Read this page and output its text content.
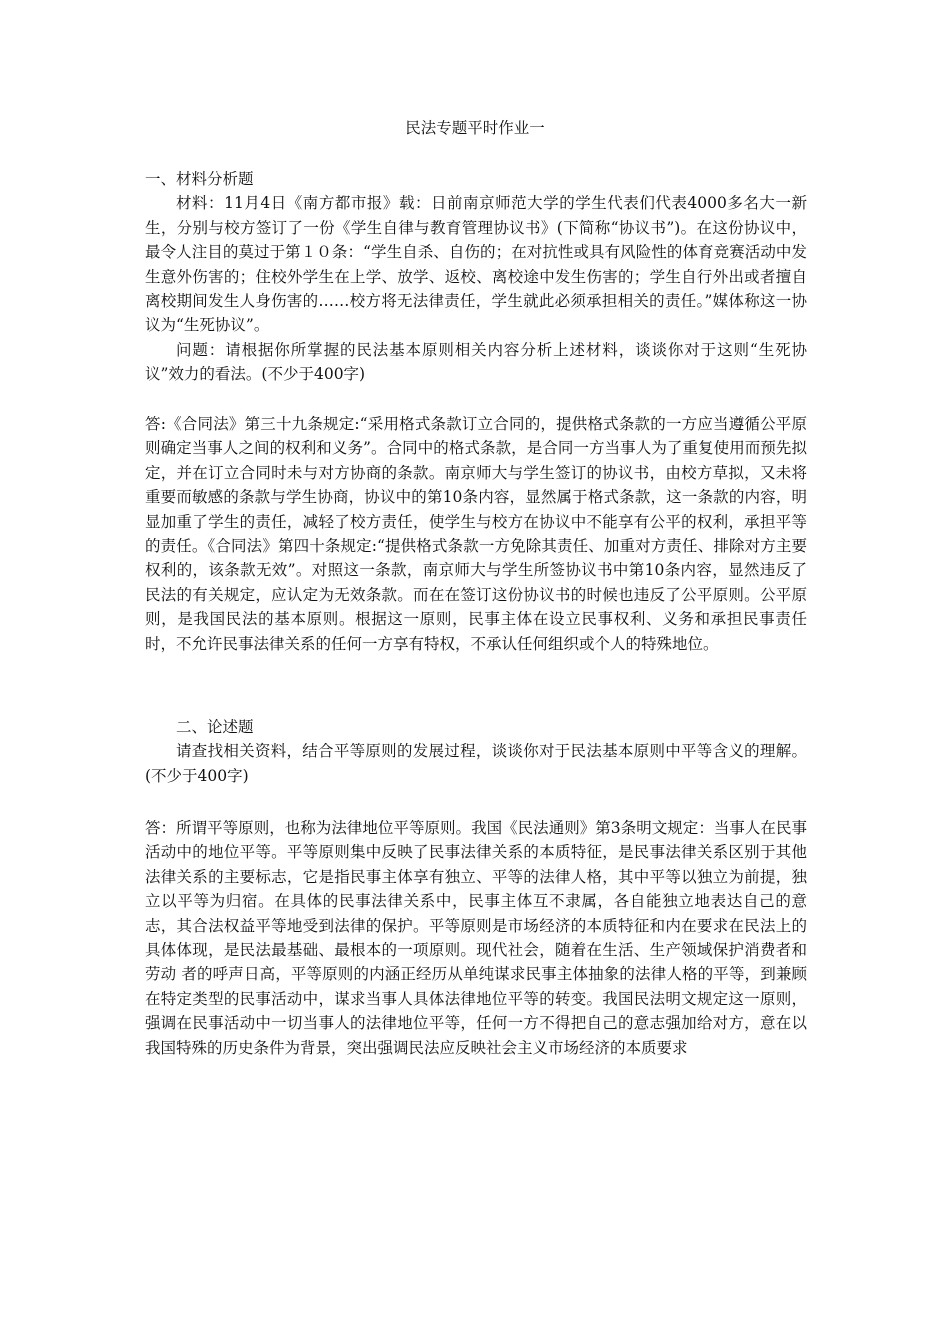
民法专题平时作业一

一、材料分析题

材料：11月4日《南方都市报》载：日前南京师范大学的学生代表们代表4000多名大一新生，分别与校方签订了一份《学生自律与教育管理协议书》(下简称“协议书”)。在这份协议中，最令人注目的莫过于第１０条：“学生自杀、自伤的；在对抗性或具有风险性的体育竞赛活动中发生意外伤害的；住校外学生在上学、放学、返校、离校途中发生伤害的；学生自行外出或者擅自离校期间发生人身伤害的……校方将无法律责任，学生就此必须承担相关的责任。”媒体称这一协议为“生死协议”。

问题：请根据你所掌握的民法基本原则相关内容分析上述材料，谈谈你对于这则“生死协议”效力的看法。(不少于400字)

答:《合同法》第三十九条规定:“采用格式条款订立合同的，提供格式条款的一方应当遵循公平原则确定当事人之间的权利和义务”。合同中的格式条款，是合同一方当事人为了重复使用而预先拟定，并在订立合同时未与对方协商的条款。南京师大与学生签订的协议书，由校方草拟，又未将重要而敏感的条款与学生协商，协议中的第10条内容，显然属于格式条款，这一条款的内容，明显加重了学生的责任，减轻了校方责任，使学生与校方在协议中不能享有公平的权利，承担平等的责任。《合同法》第四十条规定:“提供格式条款一方免除其责任、加重对方责任、排除对方主要权利的，该条款无效”。对照这一条款，南京师大与学生所签协议书中第10条内容，显然违反了民法的有关规定，应认定为无效条款。而在在签订这份协议书的时候也违反了公平原则。公平原则，是我国民法的基本原则。根据这一原则，民事主体在设立民事权利、义务和承担民事责任时，不允许民事法律关系的任何一方享有特权，不承认任何组织或个人的特殊地位。

二、论述题

请查找相关资料，结合平等原则的发展过程，谈谈你对于民法基本原则中平等含义的理解。(不少于400字)

答：所谓平等原则，也称为法律地位平等原则。我国《民法通则》第3条明文规定：当事人在民事活动中的地位平等。平等原则集中反映了民事法律关系的本质特征，是民事法律关系区别于其他法律关系的主要标志，它是指民事主体享有独立、平等的法律人格，其中平等以独立为前提，独立以平等为归宿。在具体的民事法律关系中，民事主体互不隶属，各自能独立地表达自己的意志，其合法权益平等地受到法律的保护。平等原则是市场经济的本质特征和内在要求在民法上的具体体现，是民法最基础、最根本的一项原则。现代社会，随着在生活、生产领域保护消费者和劳动 者的呼声日高，平等原则的内涵正经历从单纯谋求民事主体抽象的法律人格的平等，到兼顾 在特定类型的民事活动中，谋求当事人具体法律地位平等的转变。我国民法明文规定这一原则，强调在民事活动中一切当事人的法律地位平等，任何一方不得把自己的意志强加给对方，意在以我国特殊的历史条件为背景，突出强调民法应反映社会主义市场经济的本质要求
